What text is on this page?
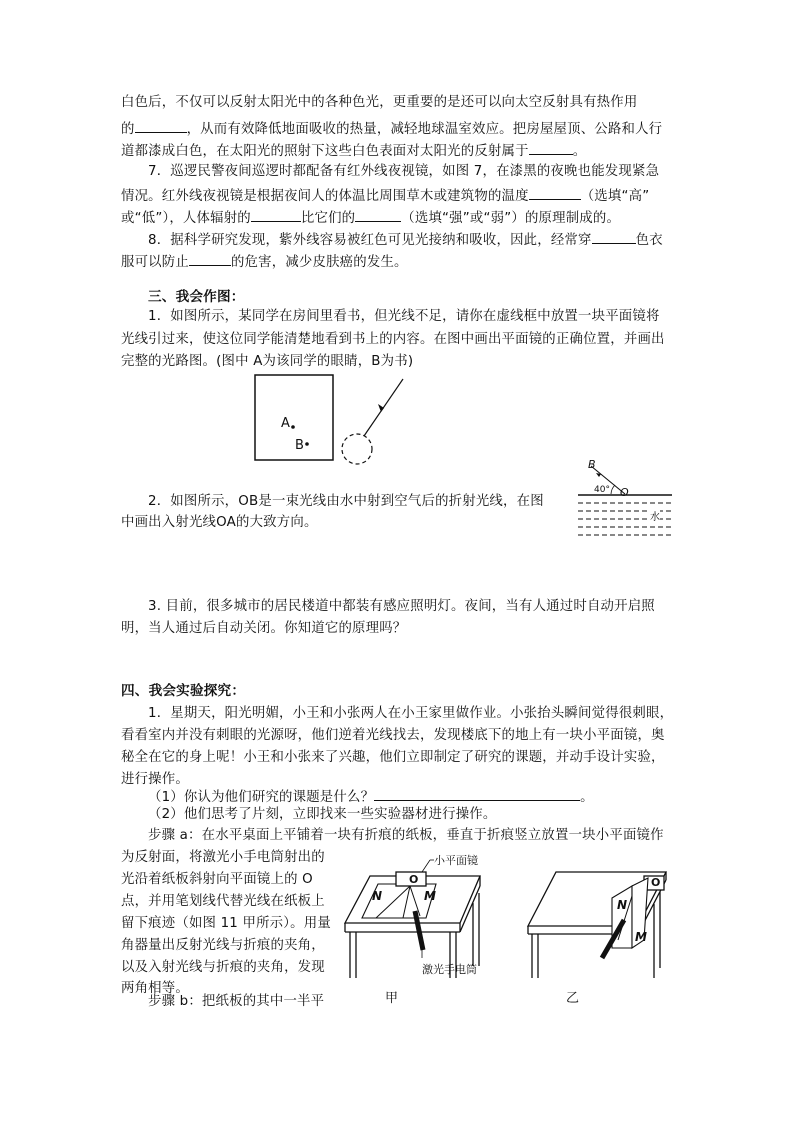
白色后，不仅可以反射太阳光中的各种色光，更重要的是还可以向太空反射具有热作用
的	，从而有效降低地面吸收的热量，减轻地球温室效应。把房屋屋顶、公路和人行
道都漆成白色，在太阳光的照射下这些白色表面对太阳光的反射属于	。
7．巡逻民警夜间巡逻时都配备有红外线夜视镜，如图 7，在漆黑的夜晚也能发现紧急
情况。红外线夜视镜是根据夜间人的体温比周围草木或建筑物的温度	（选填“高”
或“低”），人体辐射的	比它们的	（选填“强”或“弱”）的原理制成的。
8．据科学研究发现，紫外线容易被红色可见光接纳和吸收，因此，经常穿	色衣
服可以防止	的危害，减少皮肤癌的发生。
三、我会作图：
1．如图所示，某同学在房间里看书，但光线不足，请你在虚线框中放置一块平面镜将
光线引过来，使这位同学能清楚地看到书上的内容。在图中画出平面镜的正确位置，并画出
完整的光路图。(图中 A为该同学的眼睛，B为书)
A
B
2．如图所示，OB是一束光线由水中射到空气后的折射光线，在图
中画出入射光线OA的大致方向。
B
40° O
水
3. 目前，很多城市的居民楼道中都装有感应照明灯。夜间，当有人通过时自动开启照
明，当人通过后自动关闭。你知道它的原理吗？
四、我会实验探究：
1．星期天，阳光明媚，小王和小张两人在小王家里做作业。小张抬头瞬间觉得很刺眼，
看看室内并没有刺眼的光源呀，他们逆着光线找去，发现楼底下的地上有一块小平面镜，奥
秘全在它的身上呢！小王和小张来了兴趣，他们立即制定了研究的课题，并动手设计实验，
进行操作。
（1）你认为他们研究的课题是什么？	。
（2）他们思考了片刻，立即找来一些实验器材进行操作。
步骤 a：在水平桌面上平铺着一块有折痕的纸板，垂直于折痕竖立放置一块小平面镜作
为反射面，将激光小手电筒射出的
光沿着纸板斜射向平面镜上的 O
点，并用笔划线代替光线在纸板上
留下痕迹（如图 11 甲所示）。用量
角器量出反射光线与折痕的夹角，
以及入射光线与折痕的夹角，发现
两角相等。
步骤 b：把纸板的其中一半平
小平面镜
O
N	M
激光手电筒
甲
O
N
M
乙
